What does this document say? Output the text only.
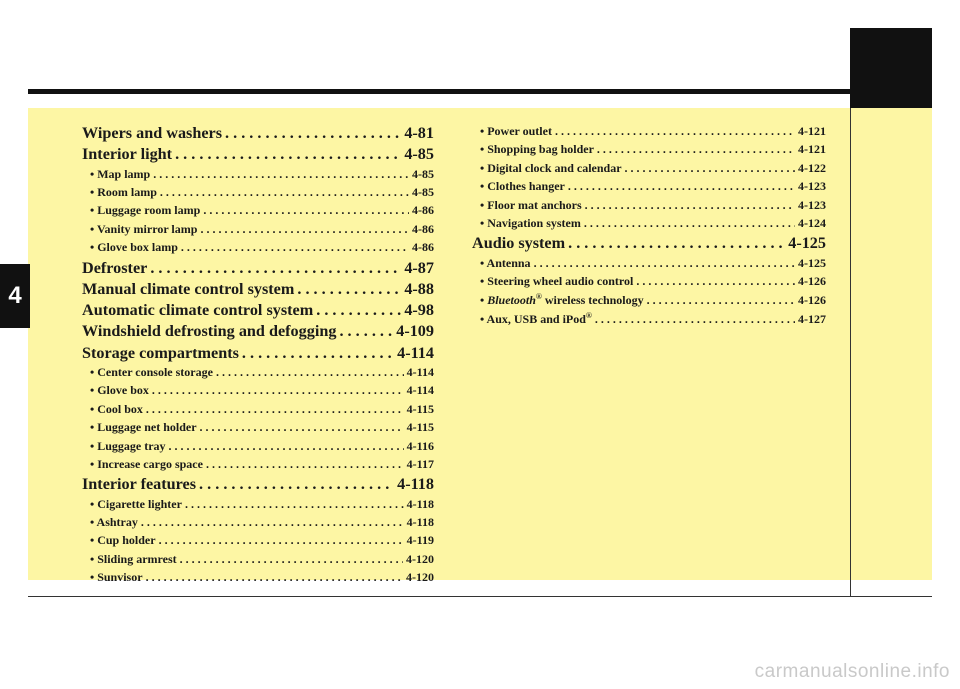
4
Wipers and washers . . .	4-81
Interior light . . .	4-85
• Map lamp . . .	4-85
• Room lamp . . .	4-85
• Luggage room lamp . . .	4-86
• Vanity mirror lamp . . .	4-86
• Glove box lamp . . .	4-86
Defroster . . .	4-87
Manual climate control system . . .	4-88
Automatic climate control system . . .	4-98
Windshield defrosting and defogging . . .	4-109
Storage compartments . . .	4-114
• Center console storage . . .	4-114
• Glove box . . .	4-114
• Cool box . . .	4-115
• Luggage net holder . . .	4-115
• Luggage tray . . .	4-116
• Increase cargo space . . .	4-117
Interior features . . .	4-118
• Cigarette lighter . . .	4-118
• Ashtray . . .	4-118
• Cup holder . . .	4-119
• Sliding armrest . . .	4-120
• Sunvisor . . .	4-120
• Power outlet . . .	4-121
• Shopping bag holder . . .	4-121
• Digital clock and calendar . . .	4-122
• Clothes hanger . . .	4-123
• Floor mat anchors . . .	4-123
• Navigation system . . .	4-124
Audio system . . .	4-125
• Antenna . . .	4-125
• Steering wheel audio control . . .	4-126
• Bluetooth® wireless technology . . .	4-126
• Aux, USB and iPod® . . .	4-127
carmanualsonline.info
